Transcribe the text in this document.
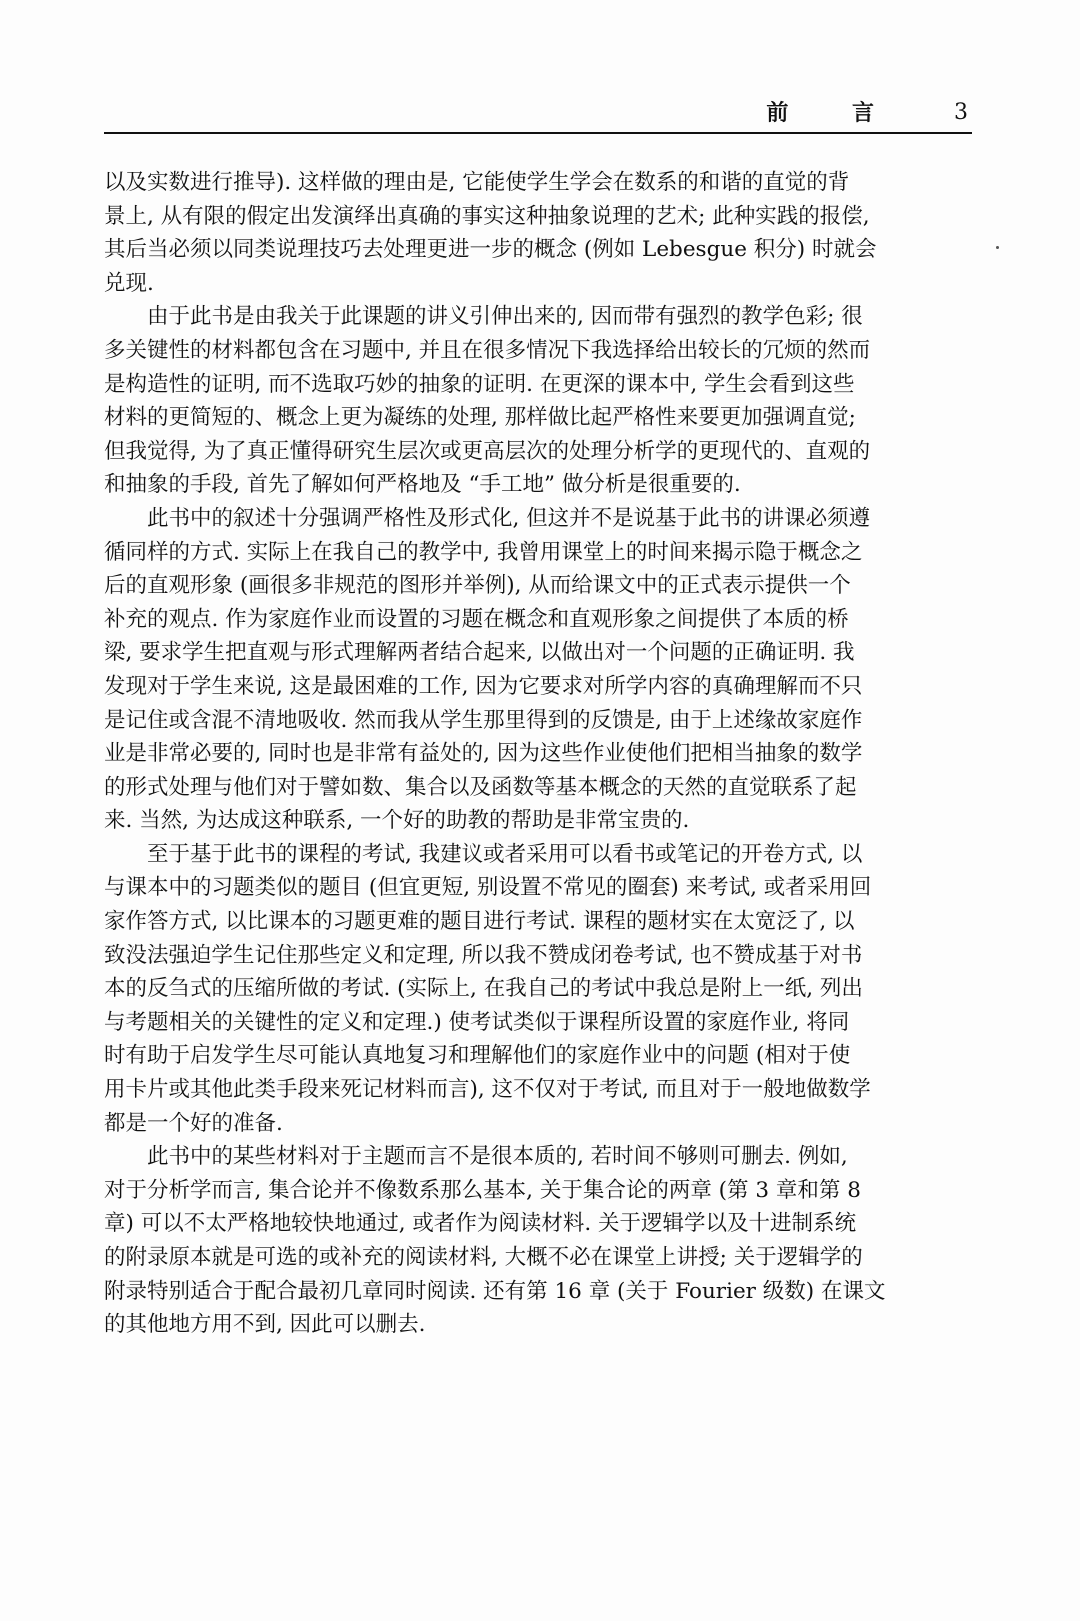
前 言 3

以及实数进行推导). 这样做的理由是, 它能使学生学会在数系的和谐的直觉的背
景上, 从有限的假定出发演绎出真确的事实这种抽象说理的艺术; 此种实践的报偿,
其后当必须以同类说理技巧去处理更进一步的概念 (例如 Lebesgue 积分) 时就会
兑现.

由于此书是由我关于此课题的讲义引伸出来的, 因而带有强烈的教学色彩; 很
多关键性的材料都包含在习题中, 并且在很多情况下我选择给出较长的冗烦的然而
是构造性的证明, 而不选取巧妙的抽象的证明. 在更深的课本中, 学生会看到这些
材料的更简短的、概念上更为凝练的处理, 那样做比起严格性来要更加强调直觉;
但我觉得, 为了真正懂得研究生层次或更高层次的处理分析学的更现代的、直观的
和抽象的手段, 首先了解如何严格地及 “手工地” 做分析是很重要的.

此书中的叙述十分强调严格性及形式化, 但这并不是说基于此书的讲课必须遵
循同样的方式. 实际上在我自己的教学中, 我曾用课堂上的时间来揭示隐于概念之
后的直观形象 (画很多非规范的图形并举例), 从而给课文中的正式表示提供一个
补充的观点. 作为家庭作业而设置的习题在概念和直观形象之间提供了本质的桥
梁, 要求学生把直观与形式理解两者结合起来, 以做出对一个问题的正确证明. 我
发现对于学生来说, 这是最困难的工作, 因为它要求对所学内容的真确理解而不只
是记住或含混不清地吸收. 然而我从学生那里得到的反馈是, 由于上述缘故家庭作
业是非常必要的, 同时也是非常有益处的, 因为这些作业使他们把相当抽象的数学
的形式处理与他们对于譬如数、集合以及函数等基本概念的天然的直觉联系了起
来. 当然, 为达成这种联系, 一个好的助教的帮助是非常宝贵的.

至于基于此书的课程的考试, 我建议或者采用可以看书或笔记的开卷方式, 以
与课本中的习题类似的题目 (但宜更短, 别设置不常见的圈套) 来考试, 或者采用回
家作答方式, 以比课本的习题更难的题目进行考试. 课程的题材实在太宽泛了, 以
致没法强迫学生记住那些定义和定理, 所以我不赞成闭卷考试, 也不赞成基于对书
本的反刍式的压缩所做的考试. (实际上, 在我自己的考试中我总是附上一纸, 列出
与考题相关的关键性的定义和定理.) 使考试类似于课程所设置的家庭作业, 将同
时有助于启发学生尽可能认真地复习和理解他们的家庭作业中的问题 (相对于使
用卡片或其他此类手段来死记材料而言), 这不仅对于考试, 而且对于一般地做数学
都是一个好的准备.

此书中的某些材料对于主题而言不是很本质的, 若时间不够则可删去. 例如,
对于分析学而言, 集合论并不像数系那么基本, 关于集合论的两章 (第 3 章和第 8
章) 可以不太严格地较快地通过, 或者作为阅读材料. 关于逻辑学以及十进制系统
的附录原本就是可选的或补充的阅读材料, 大概不必在课堂上讲授; 关于逻辑学的
附录特别适合于配合最初几章同时阅读. 还有第 16 章 (关于 Fourier 级数) 在课文
的其他地方用不到, 因此可以删去.
